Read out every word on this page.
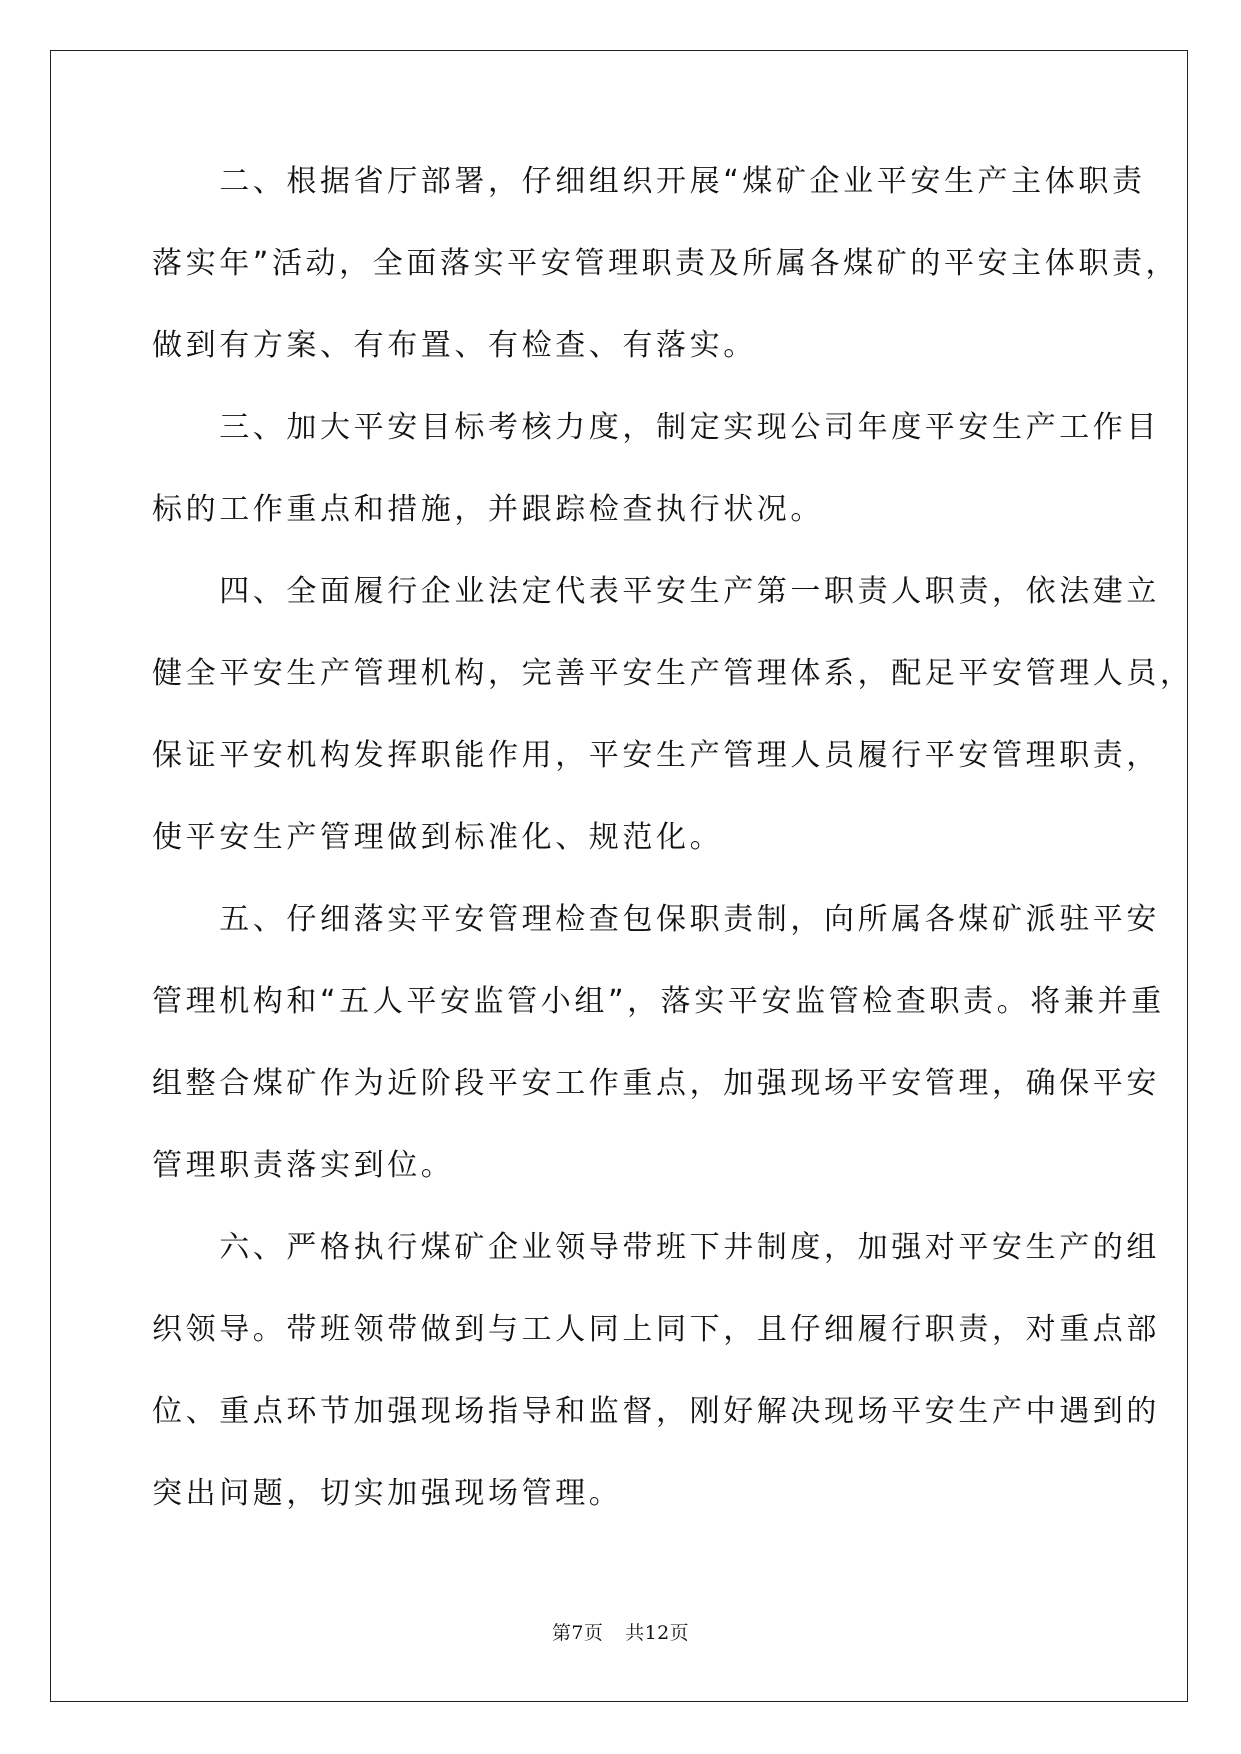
　　二、根据省厅部署，仔细组织开展“煤矿企业平安生产主体职责
落实年”活动，全面落实平安管理职责及所属各煤矿的平安主体职责，
做到有方案、有布置、有检查、有落实。
　　三、加大平安目标考核力度，制定实现公司年度平安生产工作目
标的工作重点和措施，并跟踪检查执行状况。
　　四、全面履行企业法定代表平安生产第一职责人职责，依法建立
健全平安生产管理机构，完善平安生产管理体系，配足平安管理人员，
保证平安机构发挥职能作用，平安生产管理人员履行平安管理职责，
使平安生产管理做到标准化、规范化。
　　五、仔细落实平安管理检查包保职责制，向所属各煤矿派驻平安
管理机构和“五人平安监管小组”，落实平安监管检查职责。将兼并重
组整合煤矿作为近阶段平安工作重点，加强现场平安管理，确保平安
管理职责落实到位。
　　六、严格执行煤矿企业领导带班下井制度，加强对平安生产的组
织领导。带班领带做到与工人同上同下，且仔细履行职责，对重点部
位、重点环节加强现场指导和监督，刚好解决现场平安生产中遇到的
突出问题，切实加强现场管理。
第7页 共12页
